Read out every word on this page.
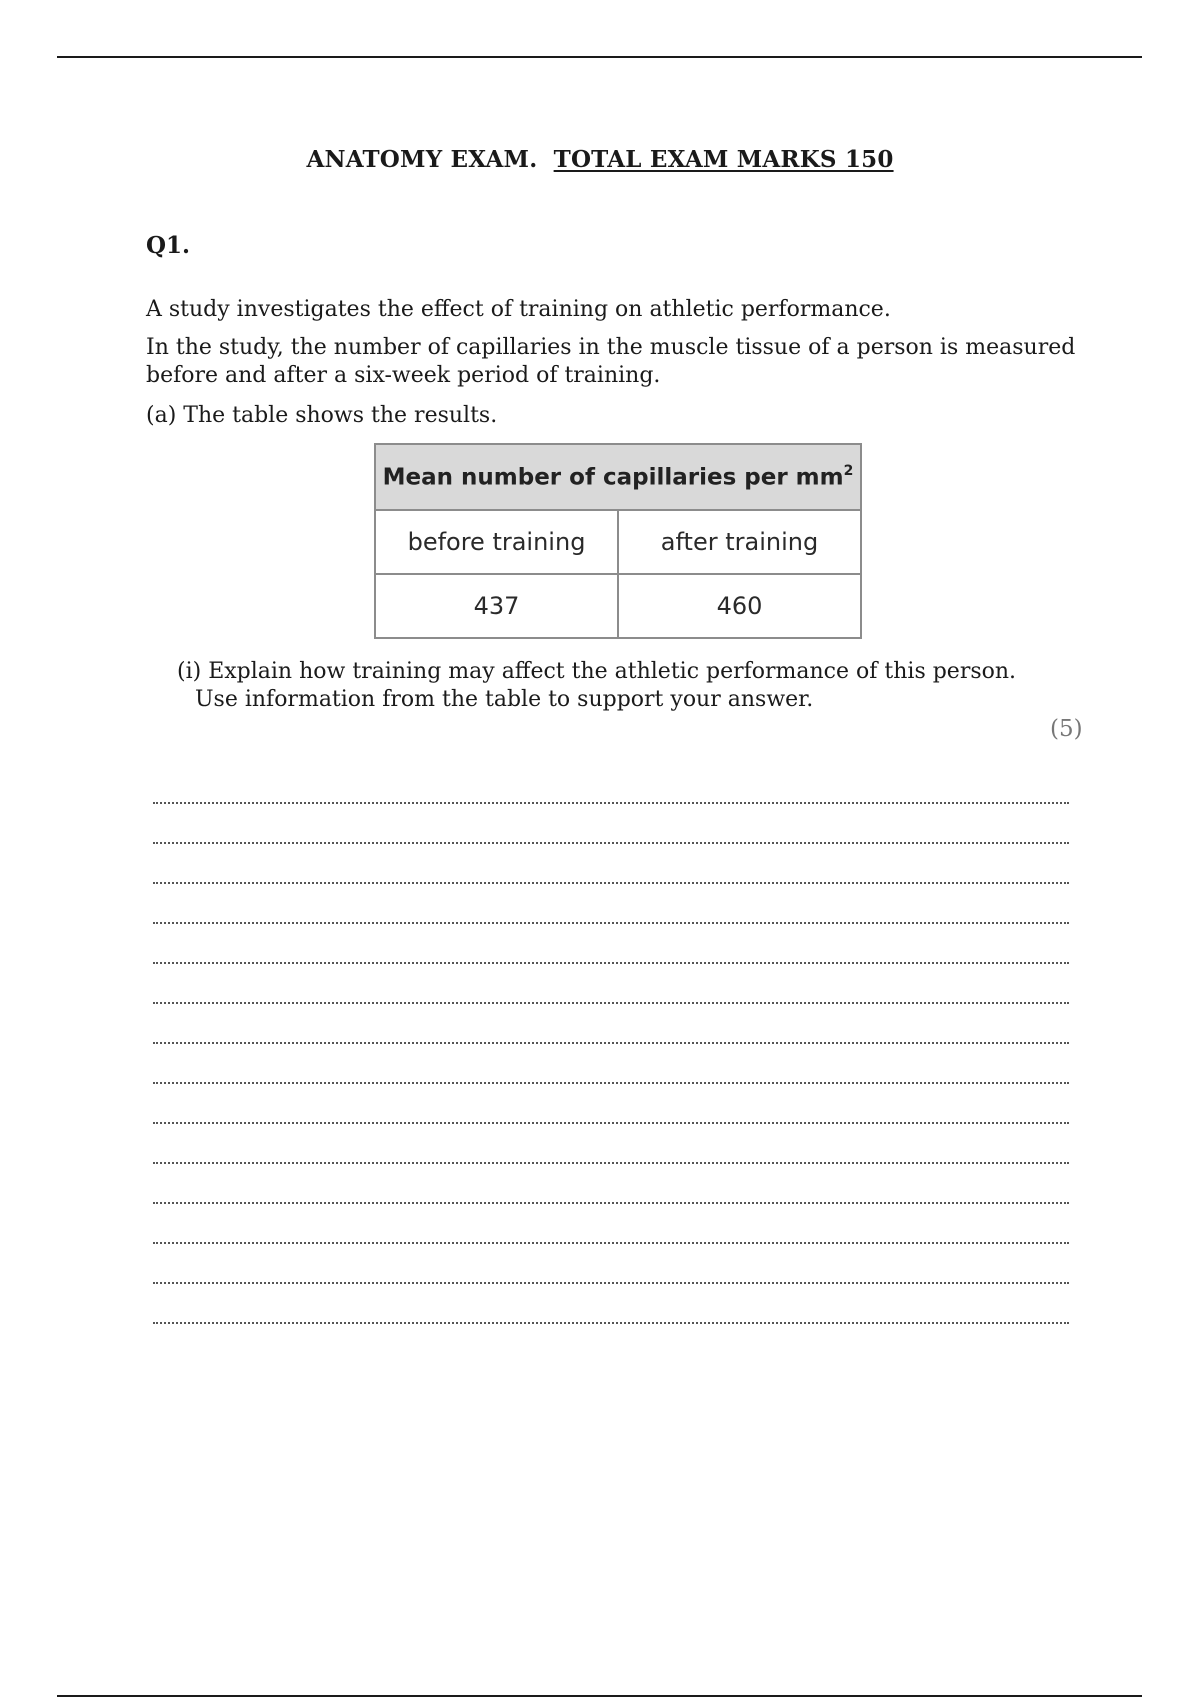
ANATOMY EXAM. TOTAL EXAM MARKS 150
Q1.
A study investigates the effect of training on athletic performance.
In the study, the number of capillaries in the muscle tissue of a person is measured
before and after a six-week period of training.
(a) The table shows the results.
Mean number of capillaries per $mm^2$
before training	after training
437	460
(i) Explain how training may affect the athletic performance of this person.
Use information from the table to support your answer.
(5)
